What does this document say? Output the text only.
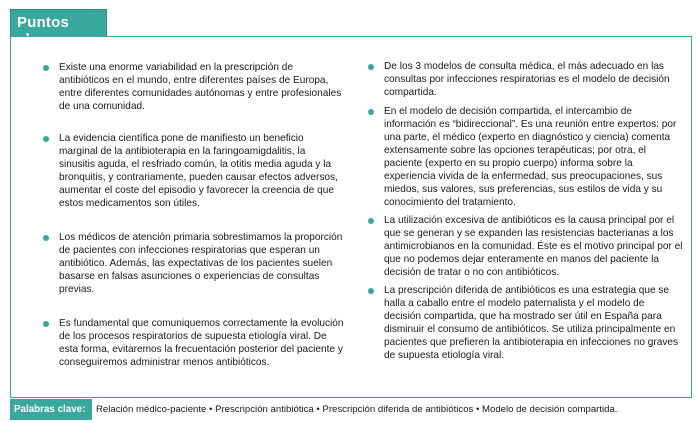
Puntos clave

Existe una enorme variabilidad en la prescripción de antibióticos en el mundo, entre diferentes países de Europa, entre diferentes comunidades autónomas y entre profesionales de una comunidad.

La evidencia científica pone de manifiesto un beneficio marginal de la antibioterapia en la faringoamigdalitis, la sinusitis aguda, el resfriado común, la otitis media aguda y la bronquitis, y contrariamente, pueden causar efectos adversos, aumentar el coste del episodio y favorecer la creencia de que estos medicamentos son útiles.

Los médicos de atención primaria sobrestimamos la proporción de pacientes con infecciones respiratorias que esperan un antibiótico. Además, las expectativas de los pacientes suelen basarse en falsas asunciones o experiencias de consultas previas.

Es fundamental que comuniquemos correctamente la evolución de los procesos respiratorios de supuesta etiología viral. De esta forma, evitaremos la frecuentación posterior del paciente y conseguiremos administrar menos antibióticos.

De los 3 modelos de consulta médica, el más adecuado en las consultas por infecciones respiratorias es el modelo de decisión compartida.

En el modelo de decisión compartida, el intercambio de información es “bidireccional”. Es una reunión entre expertos: por una parte, el médico (experto en diagnóstico y ciencia) comenta extensamente sobre las opciones terapéuticas; por otra, el paciente (experto en su propio cuerpo) informa sobre la experiencia vivida de la enfermedad, sus preocupaciones, sus miedos, sus valores, sus preferencias, sus estilos de vida y su conocimiento del tratamiento.

La utilización excesiva de antibióticos es la causa principal por el que se generan y se expanden las resistencias bacterianas a los antimicrobianos en la comunidad. Éste es el motivo principal por el que no podemos dejar enteramente en manos del paciente la decisión de tratar o no con antibióticos.

La prescripción diferida de antibióticos es una estrategia que se halla a caballo entre el modelo paternalista y el modelo de decisión compartida, que ha mostrado ser útil en España para disminuir el consumo de antibióticos. Se utiliza principalmente en pacientes que prefieren la antibioterapia en infecciones no graves de supuesta etiología viral.

Palabras clave:	Relación médico-paciente • Prescripción antibiótica • Prescripción diferida de antibióticos • Modelo de decisión compartida.
